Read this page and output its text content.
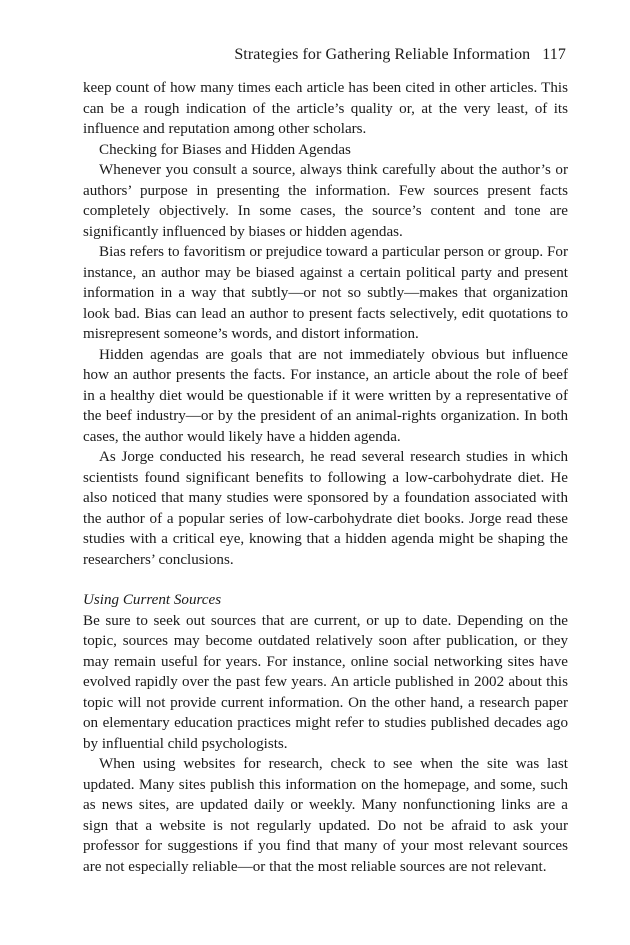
Strategies for Gathering Reliable Information 117

keep count of how many times each article has been cited in other articles. This can be a rough indication of the article’s quality or, at the very least, of its influence and reputation among other scholars.

Checking for Biases and Hidden Agendas

Whenever you consult a source, always think carefully about the author’s or authors’ purpose in presenting the information. Few sources present facts completely objectively. In some cases, the source’s content and tone are significantly influenced by biases or hidden agendas.

Bias refers to favoritism or prejudice toward a particular person or group. For instance, an author may be biased against a certain political party and present information in a way that subtly—or not so subtly—makes that organization look bad. Bias can lead an author to present facts selectively, edit quotations to misrepresent someone’s words, and distort information.

Hidden agendas are goals that are not immediately obvious but influence how an author presents the facts. For instance, an article about the role of beef in a healthy diet would be questionable if it were written by a representative of the beef industry—or by the president of an animal-rights organization. In both cases, the author would likely have a hidden agenda.

As Jorge conducted his research, he read several research studies in which scientists found significant benefits to following a low-carbohydrate diet. He also noticed that many studies were sponsored by a foundation associated with the author of a popular series of low-carbohydrate diet books. Jorge read these studies with a critical eye, knowing that a hidden agenda might be shaping the researchers’ conclusions.

Using Current Sources

Be sure to seek out sources that are current, or up to date. Depending on the topic, sources may become outdated relatively soon after publication, or they may remain useful for years. For instance, online social networking sites have evolved rapidly over the past few years. An article published in 2002 about this topic will not provide current information. On the other hand, a research paper on elementary education practices might refer to studies published decades ago by influential child psychologists.

When using websites for research, check to see when the site was last updated. Many sites publish this information on the homepage, and some, such as news sites, are updated daily or weekly. Many nonfunctioning links are a sign that a website is not regularly updated. Do not be afraid to ask your professor for suggestions if you find that many of your most relevant sources are not especially reliable—or that the most reliable sources are not relevant.
